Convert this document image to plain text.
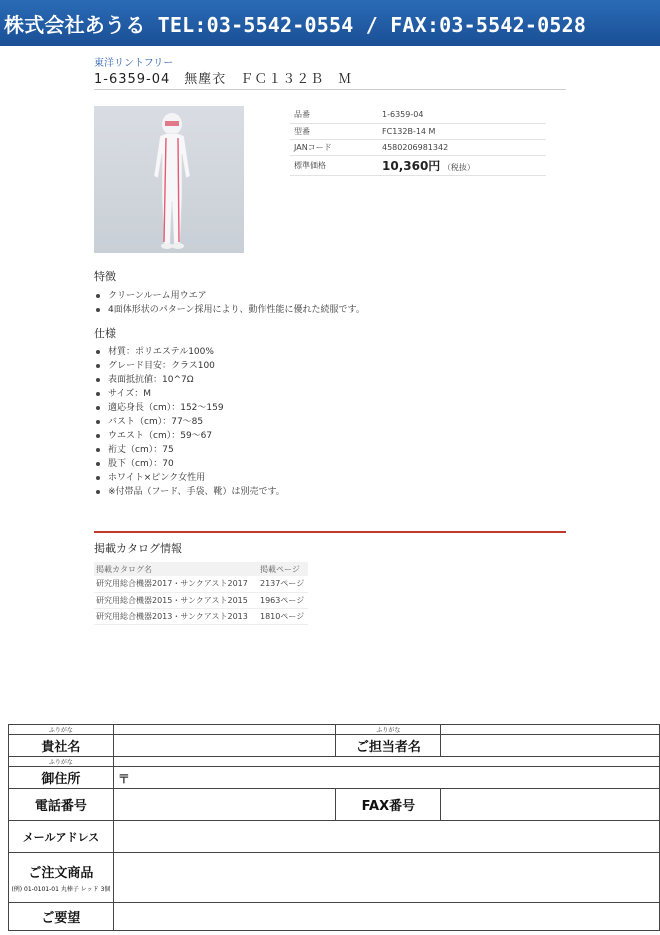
株式会社あうる TEL:03-5542-0554 / FAX:03-5542-0528
東洋リントフリー
1-6359-04　無塵衣　ＦＣ１３２Ｂ　Ｍ
品番	1-6359-04
型番	FC132B-14 M
JANコード	4580206981342
標準価格	10,360円 （税抜）
特徴
クリーンルーム用ウエア
4面体形状のパターン採用により、動作性能に優れた続服です。
仕様
材質：ポリエステル100%
グレード目安：クラス100
表面抵抗値：10^7Ω
サイズ：M
適応身長（cm）：152～159
バスト（cm）：77～85
ウエスト（cm）：59～67
裄丈（cm）：75
股下（cm）：70
ホワイト×ピンク女性用
※付帯品（フード、手袋、靴）は別売です。
掲載カタログ情報
掲載カタログ名	掲載ページ
研究用総合機器2017・サンクアスト2017	2137ページ
研究用総合機器2015・サンクアスト2015	1963ページ
研究用総合機器2013・サンクアスト2013	1810ページ
ふりがな		ふりがな	
貴社名		ご担当者名	
ふりがな			
御住所	〒		
電話番号		FAX番号	
メールアドレス			
ご注文商品
(例) 01-0101-01 丸棒子 レッド 3個			

ご要望			
